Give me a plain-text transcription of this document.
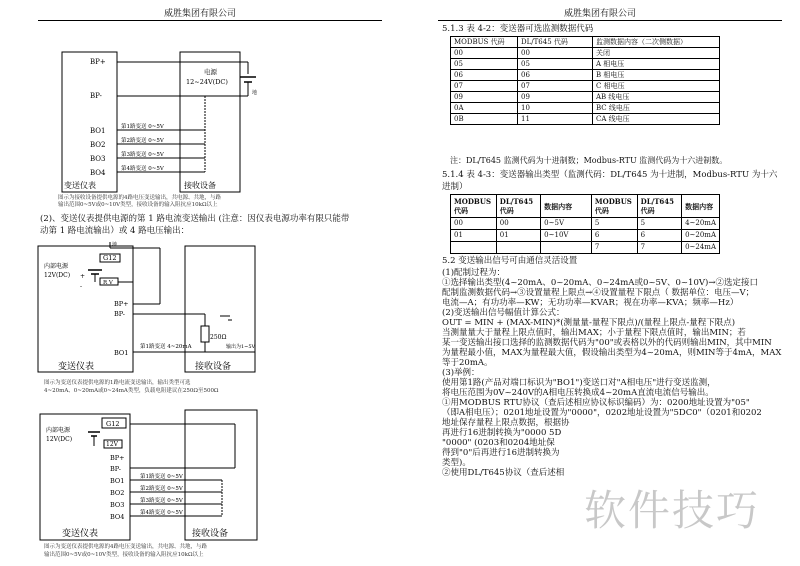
威胜集团有限公司
BP+
BP-
电源
12~24V(DC)
地
BO1
BO2
BO3
BO4
第1路变送 0~5V
第2路变送 0~5V
第3路变送 0~5V
第4路变送 0~5V
变送仪表	接收设备
图示为接收设备提供电源的4路电压变送输出，共电源、共地，与路
输出范围0~5V或0~10V类型，接收设备的输入阻抗应10kΩ以上
(2)、变送仪表提供电源的第 1 路电流变送输出 (注意：因仪表电源功率有限只能带
动第 1 路电流输出）或 4 路电压输出：
G12
内部电源
12V(DC)
地
+
-	R V
BP+
BP-
BO1
第1路变送 4~20mA	输出为1~5V
250Ω
变送仪表	接收设备
图示为变送仪表提供电源的1路电流变送输出，输出类型可选
4~20mA、0~20mA或0~24mA类型，负载电阻建议在250Ω至500Ω
G12
内部电源
12V(DC)
12V
BP+
BP-
BO1
BO2
BO3
BO4
第1路变送 0~5V
第2路变送 0~5V
第3路变送 0~5V
第4路变送 0~5V
变送仪表	接收设备
图示为变送仪表提供电源的4路电压变送输出，共电源、共地，与路
输出范围0~5V或0~10V类型，接收设备的输入阻抗应10kΩ以上
威胜集团有限公司
5.1.3 表 4-2：变送器可选监测数据代码
MODBUS 代码	DL/T645 代码	监测数据内容（二次侧数据）
00	00	关闭
05	05	A 相电压
06	06	B 相电压
07	07	C 相电压
09	09	AB 线电压
0A	10	BC 线电压
0B	11	CA 线电压
注：DL/T645 监测代码为十进制数；Modbus-RTU 监测代码为十六进制数。
5.1.4 表 4-3：变送器输出类型（监测代码：DL/T645 为十进制，Modbus-RTU 为十六
进制）
MODBUS 代码	DL/T645 代码	数据内容	MODBUS 代码	DL/T645 代码	数据内容
00	00	0~5V	5	5	4~20mA
01	01	0~10V	6	6	0~20mA
			7	7	0~24mA
5.2 变送输出信号可由通信灵活设置
(1)配制过程为：
①选择输出类型(4~20mA、0~20mA、0~24mA或0~5V、0~10V)→②选定接口
配制监测数据代码→③设置量程上限点→④设置量程下限点（ 数据单位：电压—V；
电流—A；有功功率—KW；无功功率—KVAR；视在功率—KVA；频率—Hz）
(2)变送输出信号幅值计算公式：
OUT = MIN + (MAX-MIN)*(测量量-量程下限点)/(量程上限点-量程下限点)
当测量量大于量程上限点值时，输出MAX；小于量程下限点值时，输出MIN；若
某一变送输出接口选择的监测数据代码为"00"或表格以外的代码则输出MIN，其中MIN
为量程最小值，MAX为量程最大值，假设输出类型为4~20mA，则MIN等于4mA，MAX
等于20mA。
(3)举例：
使用第1路(产品对端口标识为"BO1")变送口对"A相电压"进行变送监测，
将电压范围为0V~240V的A相电压转换成4~20mA直流电流信号输出。
①用MODBUS RTU协议（查后述相应协议标识编码）为：0200地址设置为"05"
（即A相电压）；0201地址设置为"0000"，0202地址设置为"5DC0"（0201和0202
地址保存量程上限点数据，根据协
再进行16进制转换为"0000 5D
"0000" (0203和0204地址保
得到"0"后再进行16进制转换为
类型)。
②使用DL/T645协议（查后述相
软件技巧
